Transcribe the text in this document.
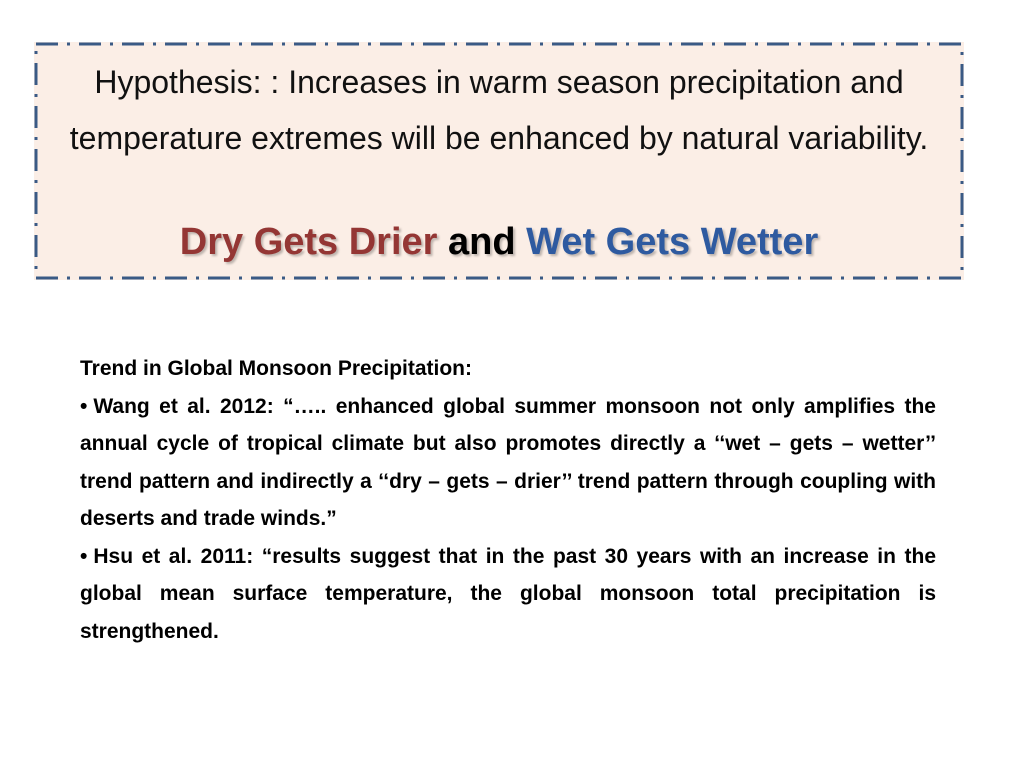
Hypothesis: : Increases in warm season precipitation and temperature extremes will be enhanced by natural variability.
Dry Gets Drier and Wet Gets Wetter

Trend in Global Monsoon Precipitation:

• Wang et al. 2012: “….. enhanced global summer monsoon not only amplifies the annual cycle of tropical climate but also promotes directly a ‘‘wet – gets – wetter’’ trend pattern and indirectly a ‘‘dry – gets – drier’’ trend pattern through coupling with deserts and trade winds.”

• Hsu et al. 2011: “results suggest that in the past 30 years with an increase in the global mean surface temperature, the global monsoon total precipitation is strengthened.
